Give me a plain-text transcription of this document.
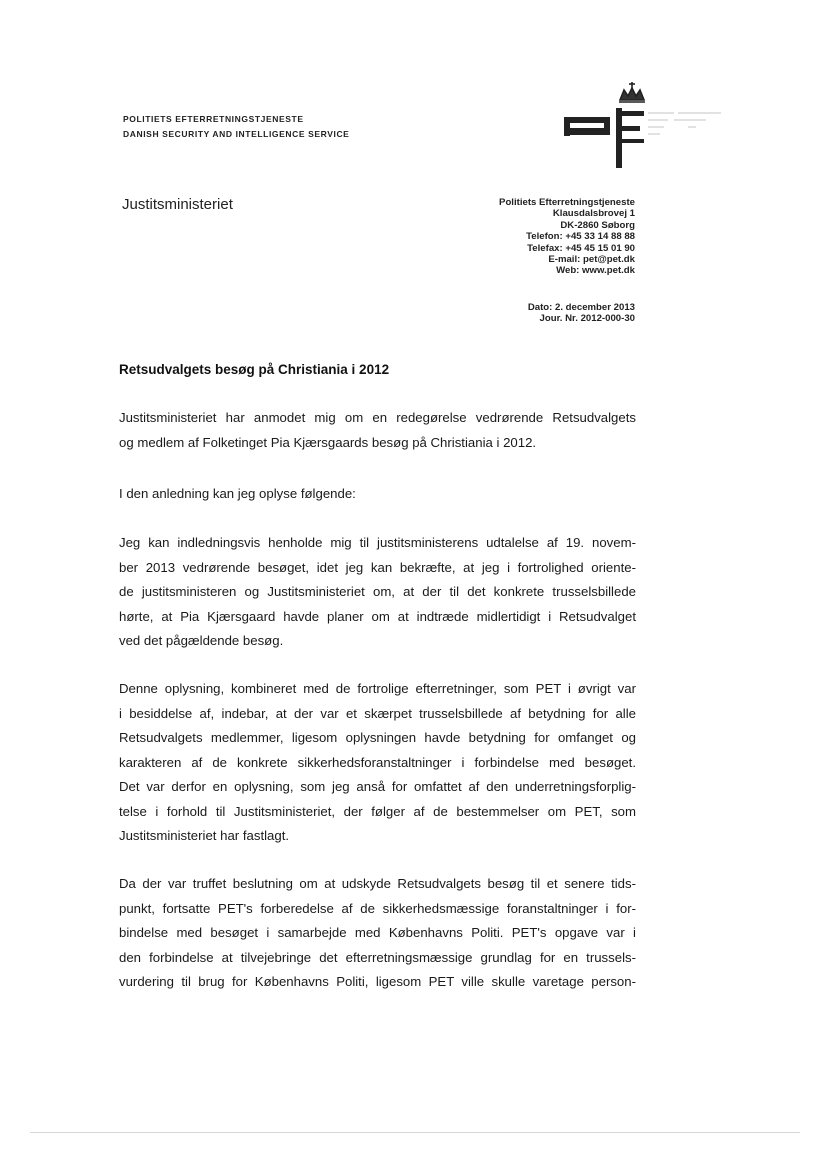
POLITIETS EFTERRETNINGSTJENESTE
DANISH SECURITY AND INTELLIGENCE SERVICE
Justitsministeriet	Politiets Efterretningstjeneste
Klausdalsbrovej 1
DK-2860 Søborg
Telefon: +45 33 14 88 88
Telefax: +45 45 15 01 90
E-mail: pet@pet.dk
Web: www.pet.dk
Dato: 2. december 2013
Jour. Nr. 2012-000-30
Retsudvalgets besøg på Christiania i 2012
Justitsministeriet har anmodet mig om en redegørelse vedrørende Retsudvalgets
og medlem af Folketinget Pia Kjærsgaards besøg på Christiania i 2012.
I den anledning kan jeg oplyse følgende:
Jeg kan indledningsvis henholde mig til justitsministerens udtalelse af 19. novem-
ber 2013 vedrørende besøget, idet jeg kan bekræfte, at jeg i fortrolighed oriente-
de justitsministeren og Justitsministeriet om, at der til det konkrete trusselsbillede
hørte, at Pia Kjærsgaard havde planer om at indtræde midlertidigt i Retsudvalget
ved det pågældende besøg.
Denne oplysning, kombineret med de fortrolige efterretninger, som PET i øvrigt var
i besiddelse af, indebar, at der var et skærpet trusselsbillede af betydning for alle
Retsudvalgets medlemmer, ligesom oplysningen havde betydning for omfanget og
karakteren af de konkrete sikkerhedsforanstaltninger i forbindelse med besøget.
Det var derfor en oplysning, som jeg anså for omfattet af den underretningsforplig-
telse i forhold til Justitsministeriet, der følger af de bestemmelser om PET, som
Justitsministeriet har fastlagt.
Da der var truffet beslutning om at udskyde Retsudvalgets besøg til et senere tids-
punkt, fortsatte PET's forberedelse af de sikkerhedsmæssige foranstaltninger i for-
bindelse med besøget i samarbejde med Københavns Politi. PET's opgave var i
den forbindelse at tilvejebringe det efterretningsmæssige grundlag for en trussels-
vurdering til brug for Københavns Politi, ligesom PET ville skulle varetage person-
